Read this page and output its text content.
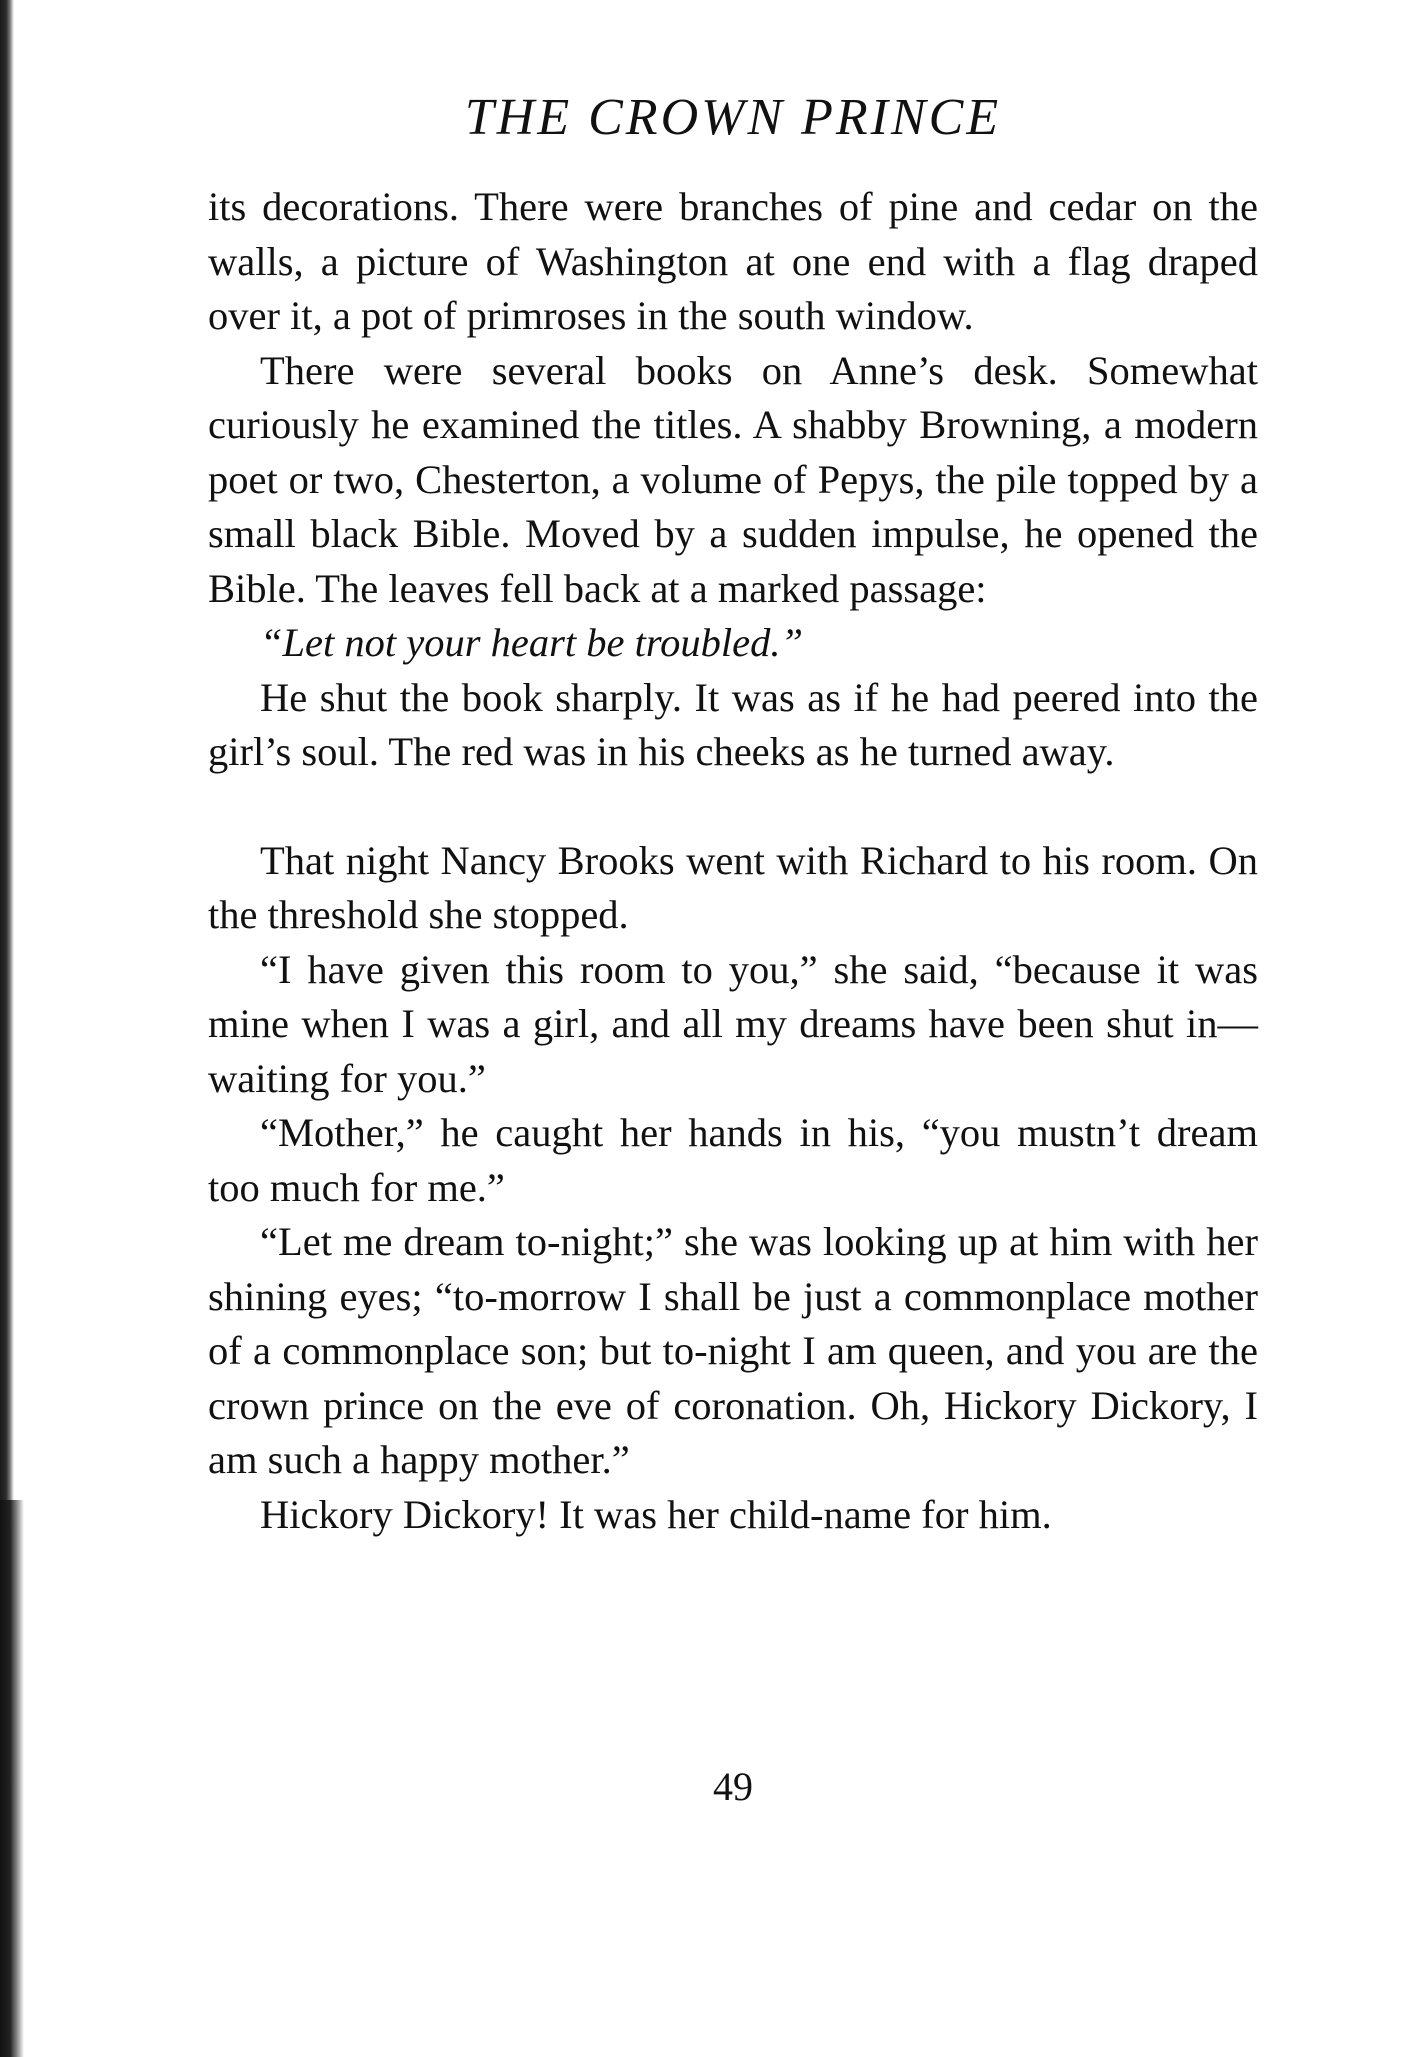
THE CROWN PRINCE

its decorations. There were branches of pine and cedar on the walls, a picture of Washington at one end with a flag draped over it, a pot of primroses in the south window.

There were several books on Anne’s desk. Somewhat curiously he examined the titles. A shabby Browning, a modern poet or two, Chesterton, a volume of Pepys, the pile topped by a small black Bible. Moved by a sudden impulse, he opened the Bible. The leaves fell back at a marked passage:

“Let not your heart be troubled.”

He shut the book sharply. It was as if he had peered into the girl’s soul. The red was in his cheeks as he turned away.

That night Nancy Brooks went with Richard to his room. On the threshold she stopped.

“I have given this room to you,” she said, “because it was mine when I was a girl, and all my dreams have been shut in—waiting for you.”

“Mother,” he caught her hands in his, “you mustn’t dream too much for me.”

“Let me dream to-night;” she was looking up at him with her shining eyes; “to-morrow I shall be just a commonplace mother of a commonplace son; but to-night I am queen, and you are the crown prince on the eve of coronation. Oh, Hickory Dickory, I am such a happy mother.”

Hickory Dickory! It was her child-name for him.

49
